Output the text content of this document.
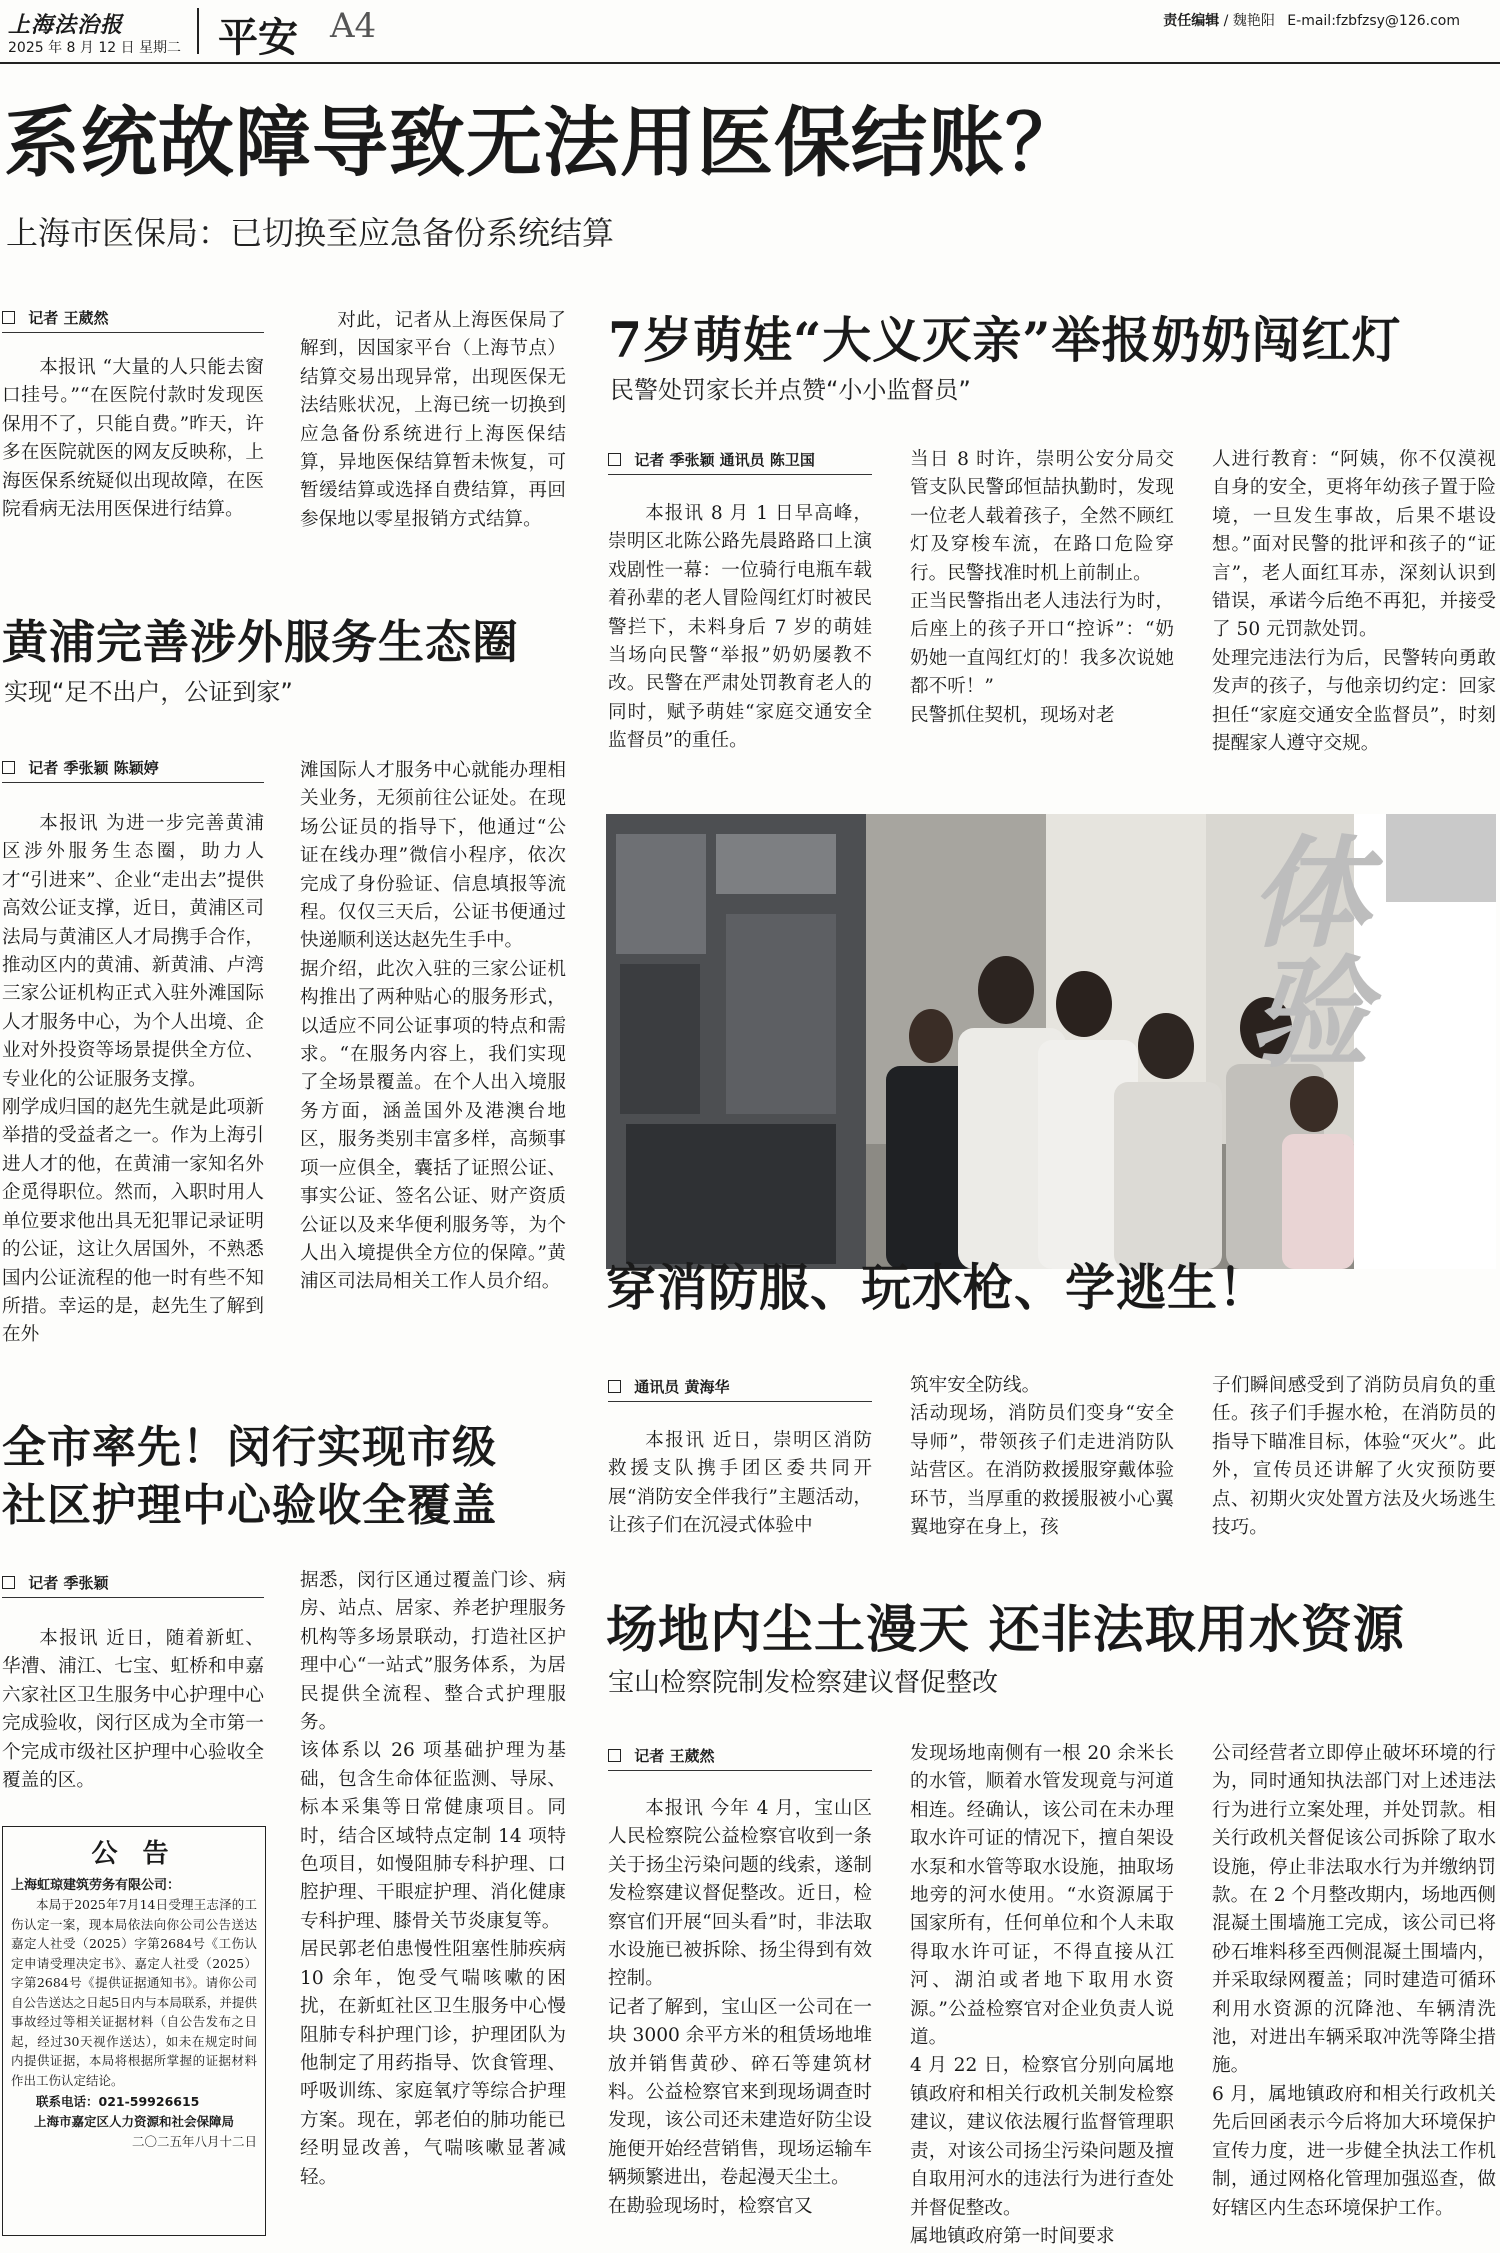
上海法治报
2025 年 8 月 12 日 星期二 平安 A4	责任编辑 / 魏艳阳 E-mail:fzbfzsy@126.com
系统故障导致无法用医保结账？
上海市医保局：已切换至应急备份系统结算
记者 王葳然

本报讯 “大量的人只能去窗口挂号。”“在医院付款时发现医保用不了，只能自费。”昨天，许多在医院就医的网友反映称，上海医保系统疑似出现故障，在医院看病无法用医保进行结算。

对此，记者从上海医保局了解到，因国家平台（上海节点）结算交易出现异常，出现医保无法结账状况，上海已统一切换到应急备份系统进行上海医保结算，异地医保结算暂未恢复，可暂缓结算或选择自费结算，再回参保地以零星报销方式结算。

黄浦完善涉外服务生态圈
实现“足不出户，公证到家”
记者 季张颖 陈颖婷

本报讯 为进一步完善黄浦区涉外服务生态圈，助力人才“引进来”、企业“走出去”提供高效公证支撑，近日，黄浦区司法局与黄浦区人才局携手合作，推动区内的黄浦、新黄浦、卢湾三家公证机构正式入驻外滩国际人才服务中心，为个人出境、企业对外投资等场景提供全方位、专业化的公证服务支撑。
刚学成归国的赵先生就是此项新举措的受益者之一。作为上海引进人才的他，在黄浦一家知名外企觅得职位。然而，入职时用人单位要求他出具无犯罪记录证明的公证，这让久居国外，不熟悉国内公证流程的他一时有些不知所措。幸运的是，赵先生了解到在外

滩国际人才服务中心就能办理相关业务，无须前往公证处。在现场公证员的指导下，他通过“公证在线办理”微信小程序，依次完成了身份验证、信息填报等流程。仅仅三天后，公证书便通过快递顺利送达赵先生手中。
据介绍，此次入驻的三家公证机构推出了两种贴心的服务形式，以适应不同公证事项的特点和需求。“在服务内容上，我们实现了全场景覆盖。在个人出入境服务方面，涵盖国外及港澳台地区，服务类别丰富多样，高频事项一应俱全，囊括了证照公证、事实公证、签名公证、财产资质公证以及来华便利服务等，为个人出入境提供全方位的保障。”黄浦区司法局相关工作人员介绍。

全市率先！闵行实现市级
社区护理中心验收全覆盖
记者 季张颖

本报讯 近日，随着新虹、华漕、浦江、七宝、虹桥和申嘉六家社区卫生服务中心护理中心完成验收，闵行区成为全市第一个完成市级社区护理中心验收全覆盖的区。

据悉，闵行区通过覆盖门诊、病房、站点、居家、养老护理服务机构等多场景联动，打造社区护理中心“一站式”服务体系，为居民提供全流程、整合式护理服务。
该体系以 26 项基础护理为基础，包含生命体征监测、导尿、标本采集等日常健康项目。同时，结合区域特点定制 14 项特色项目，如慢阻肺专科护理、口腔护理、干眼症护理、消化健康专科护理、膝骨关节炎康复等。
居民郭老伯患慢性阻塞性肺疾病 10 余年，饱受气喘咳嗽的困扰，在新虹社区卫生服务中心慢阻肺专科护理门诊，护理团队为他制定了用药指导、饮食管理、呼吸训练、家庭氧疗等综合护理方案。现在，郭老伯的肺功能已经明显改善，气喘咳嗽显著减轻。

公 告
上海虹琼建筑劳务有限公司：
本局于2025年7月14日受理王志泽的工伤认定一案，现本局依法向你公司公告送达嘉定人社受（2025）字第2684号《工伤认定申请受理决定书》、嘉定人社受（2025）字第2684号《提供证据通知书》。请你公司自公告送达之日起5日内与本局联系，并提供事故经过等相关证据材料（自公告发布之日起，经过30天视作送达），如未在规定时间内提供证据，本局将根据所掌握的证据材料作出工伤认定结论。
联系电话：021-59926615
上海市嘉定区人力资源和社会保障局
二〇二五年八月十二日
7岁萌娃“大义灭亲”举报奶奶闯红灯
民警处罚家长并点赞“小小监督员”
记者 季张颖 通讯员 陈卫国

本报讯 8 月 1 日早高峰，崇明区北陈公路先晨路路口上演戏剧性一幕：一位骑行电瓶车载着孙辈的老人冒险闯红灯时被民警拦下，未料身后 7 岁的萌娃当场向民警“举报”奶奶屡教不改。民警在严肃处罚教育老人的同时，赋予萌娃“家庭交通安全监督员”的重任。

当日 8 时许，崇明公安分局交管支队民警邱恒喆执勤时，发现一位老人载着孩子，全然不顾红灯及穿梭车流，在路口危险穿行。民警找准时机上前制止。
正当民警指出老人违法行为时，后座上的孩子开口“控诉”：“奶奶她一直闯红灯的！我多次说她都不听！”
民警抓住契机，现场对老

人进行教育：“阿姨，你不仅漠视自身的安全，更将年幼孩子置于险境，一旦发生事故，后果不堪设想。”面对民警的批评和孩子的“证言”，老人面红耳赤，深刻认识到错误，承诺今后绝不再犯，并接受了 50 元罚款处罚。
处理完违法行为后，民警转向勇敢发声的孩子，与他亲切约定：回家担任“家庭交通安全监督员”，时刻提醒家人遵守交规。

体验
穿消防服、玩水枪、学逃生！
通讯员 黄海华

本报讯 近日，崇明区消防救援支队携手团区委共同开展“消防安全伴我行”主题活动，让孩子们在沉浸式体验中

筑牢安全防线。
活动现场，消防员们变身“安全导师”，带领孩子们走进消防队站营区。在消防救援服穿戴体验环节，当厚重的救援服被小心翼翼地穿在身上，孩

子们瞬间感受到了消防员肩负的重任。孩子们手握水枪，在消防员的指导下瞄准目标，体验“灭火”。此外，宣传员还讲解了火灾预防要点、初期火灾处置方法及火场逃生技巧。

场地内尘土漫天 还非法取用水资源
宝山检察院制发检察建议督促整改
记者 王葳然

本报讯 今年 4 月，宝山区人民检察院公益检察官收到一条关于扬尘污染问题的线索，遂制发检察建议督促整改。近日，检察官们开展“回头看”时，非法取水设施已被拆除、扬尘得到有效控制。
记者了解到，宝山区一公司在一块 3000 余平方米的租赁场地堆放并销售黄砂、碎石等建筑材料。公益检察官来到现场调查时发现，该公司还未建造好防尘设施便开始经营销售，现场运输车辆频繁进出，卷起漫天尘土。
在勘验现场时，检察官又

发现场地南侧有一根 20 余米长的水管，顺着水管发现竟与河道相连。经确认，该公司在未办理取水许可证的情况下，擅自架设水泵和水管等取水设施，抽取场地旁的河水使用。“水资源属于国家所有，任何单位和个人未取得取水许可证，不得直接从江河、湖泊或者地下取用水资源。”公益检察官对企业负责人说道。
4 月 22 日，检察官分别向属地镇政府和相关行政机关制发检察建议，建议依法履行监督管理职责，对该公司扬尘污染问题及擅自取用河水的违法行为进行查处并督促整改。
属地镇政府第一时间要求

公司经营者立即停止破坏环境的行为，同时通知执法部门对上述违法行为进行立案处理，并处罚款。相关行政机关督促该公司拆除了取水设施，停止非法取水行为并缴纳罚款。在 2 个月整改期内，场地西侧混凝土围墙施工完成，该公司已将砂石堆料移至西侧混凝土围墙内，并采取绿网覆盖；同时建造可循环利用水资源的沉降池、车辆清洗池，对进出车辆采取冲洗等降尘措施。
6 月，属地镇政府和相关行政机关先后回函表示今后将加大环境保护宣传力度，进一步健全执法工作机制，通过网格化管理加强巡查，做好辖区内生态环境保护工作。
